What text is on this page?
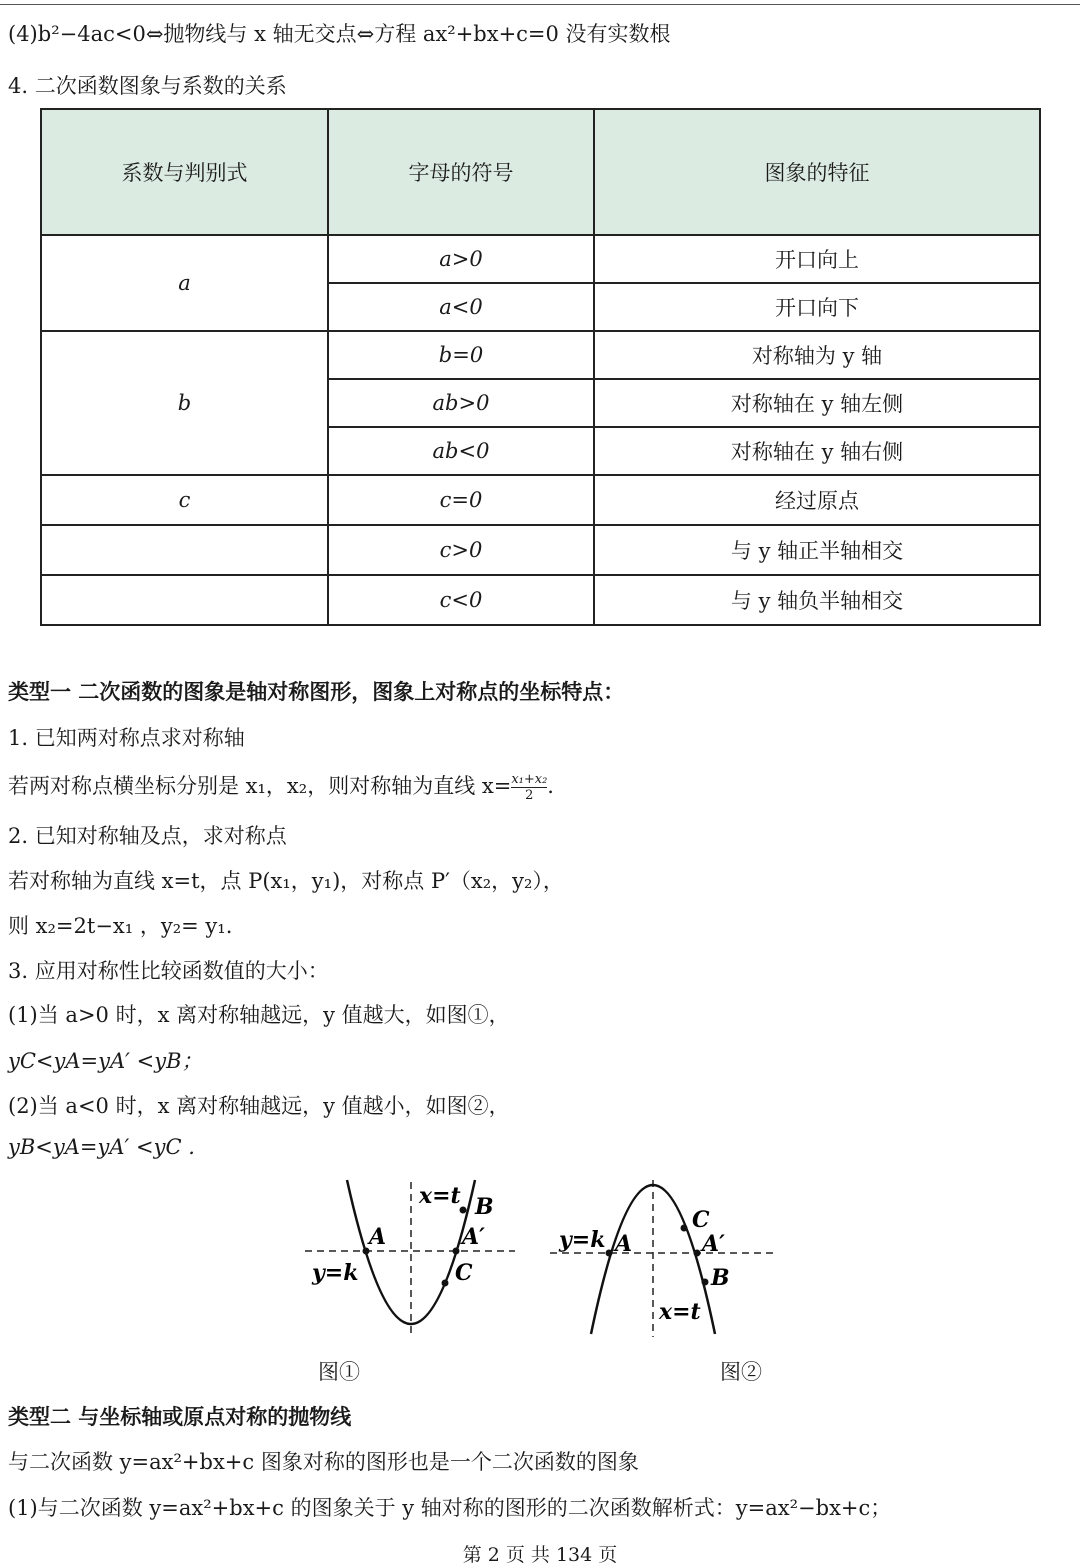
(4)b²−4ac<0⇔抛物线与 x 轴无交点⇔方程 ax²+bx+c=0 没有实数根
4. 二次函数图象与系数的关系
系数与判别式	字母的符号	图象的特征
a	a>0	开口向上
	a<0	开口向下
b	b=0	对称轴为 y 轴
	ab>0	对称轴在 y 轴左侧
	ab<0	对称轴在 y 轴右侧
c	c=0	经过原点
	c>0	与 y 轴正半轴相交
	c<0	与 y 轴负半轴相交
类型一 二次函数的图象是轴对称图形，图象上对称点的坐标特点：
1. 已知两对称点求对称轴
若两对称点横坐标分别是 x₁，x₂，则对称轴为直线 $x= \frac{\text{x₁+x₂}}{2}$ .
2. 已知对称轴及点，求对称点
若对称轴为直线 x=t，点 P(x₁，y₁)，对称点 P′（x₂，y₂），
则 x₂=2t−x₁ ，y₂= y₁.
3. 应用对称性比较函数值的大小：
(1)当 a>0 时，x 离对称轴越远，y 值越大，如图①，
yC<yA=yA′ <yB；
(2)当 a<0 时，x 离对称轴越远，y 值越小，如图②，
yB<yA=yA′ <yC .
x=t
y=k
A
B
A′
C
图①
y=k A
C
A′
B
x=t
图②
类型二 与坐标轴或原点对称的抛物线
与二次函数 y=ax²+bx+c 图象对称的图形也是一个二次函数的图象
(1)与二次函数 y=ax²+bx+c 的图象关于 y 轴对称的图形的二次函数解析式：y=ax²−bx+c；
第 2 页 共 134 页
